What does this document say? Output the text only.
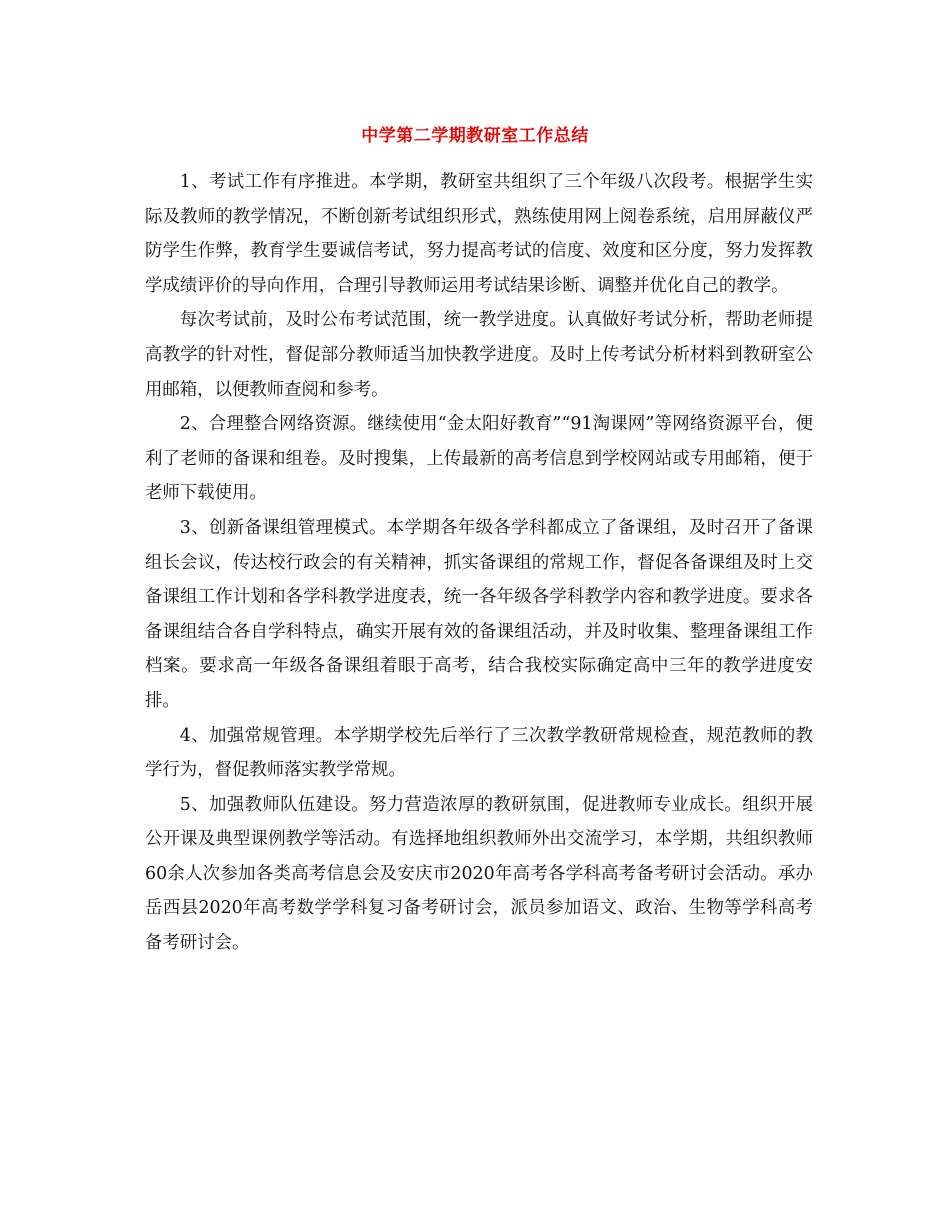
中学第二学期教研室工作总结

1、考试工作有序推进。本学期，教研室共组织了三个年级八次段考。根据学生实际及教师的教学情况，不断创新考试组织形式，熟练使用网上阅卷系统，启用屏蔽仪严防学生作弊，教育学生要诚信考试，努力提高考试的信度、效度和区分度，努力发挥教学成绩评价的导向作用，合理引导教师运用考试结果诊断、调整并优化自己的教学。

每次考试前，及时公布考试范围，统一教学进度。认真做好考试分析，帮助老师提高教学的针对性，督促部分教师适当加快教学进度。及时上传考试分析材料到教研室公用邮箱，以便教师查阅和参考。

2、合理整合网络资源。继续使用“金太阳好教育”“91淘课网”等网络资源平台，便利了老师的备课和组卷。及时搜集，上传最新的高考信息到学校网站或专用邮箱，便于老师下载使用。

3、创新备课组管理模式。本学期各年级各学科都成立了备课组，及时召开了备课组长会议，传达校行政会的有关精神，抓实备课组的常规工作，督促各备课组及时上交备课组工作计划和各学科教学进度表，统一各年级各学科教学内容和教学进度。要求各备课组结合各自学科特点，确实开展有效的备课组活动，并及时收集、整理备课组工作档案。要求高一年级各备课组着眼于高考，结合我校实际确定高中三年的教学进度安排。

4、加强常规管理。本学期学校先后举行了三次教学教研常规检查，规范教师的教学行为，督促教师落实教学常规。

5、加强教师队伍建设。努力营造浓厚的教研氛围，促进教师专业成长。组织开展公开课及典型课例教学等活动。有选择地组织教师外出交流学习，本学期，共组织教师60余人次参加各类高考信息会及安庆市2020年高考各学科高考备考研讨会活动。承办岳西县2020年高考数学学科复习备考研讨会，派员参加语文、政治、生物等学科高考备考研讨会。
